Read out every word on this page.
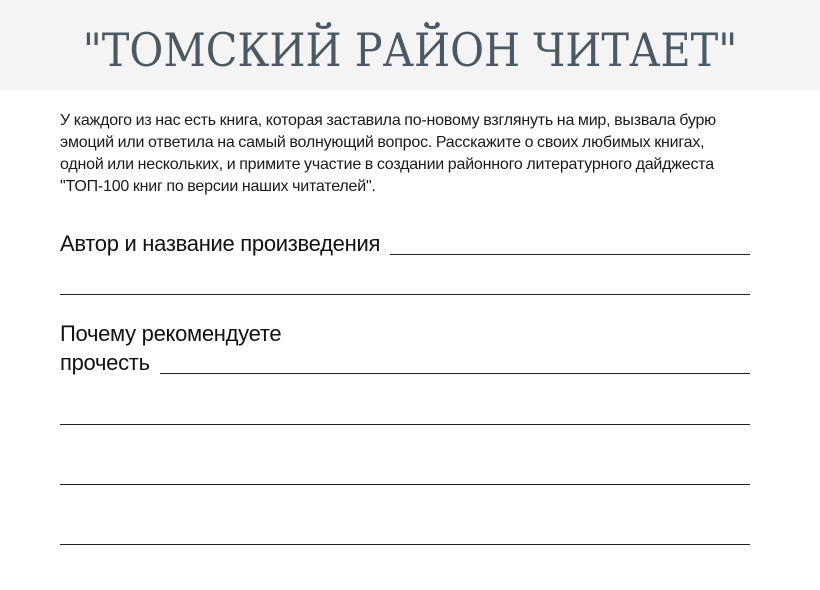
"ТОМСКИЙ РАЙОН ЧИТАЕТ"

У каждого из нас есть книга, которая заставила по-новому взглянуть на мир, вызвала бурю эмоций или ответила на самый волнующий вопрос. Расскажите о своих любимых книгах, одной или нескольких, и примите участие в создании районного литературного дайджеста "ТОП-100 книг по версии наших читателей".

Автор и название произведения
Почему рекомендуете
прочесть
